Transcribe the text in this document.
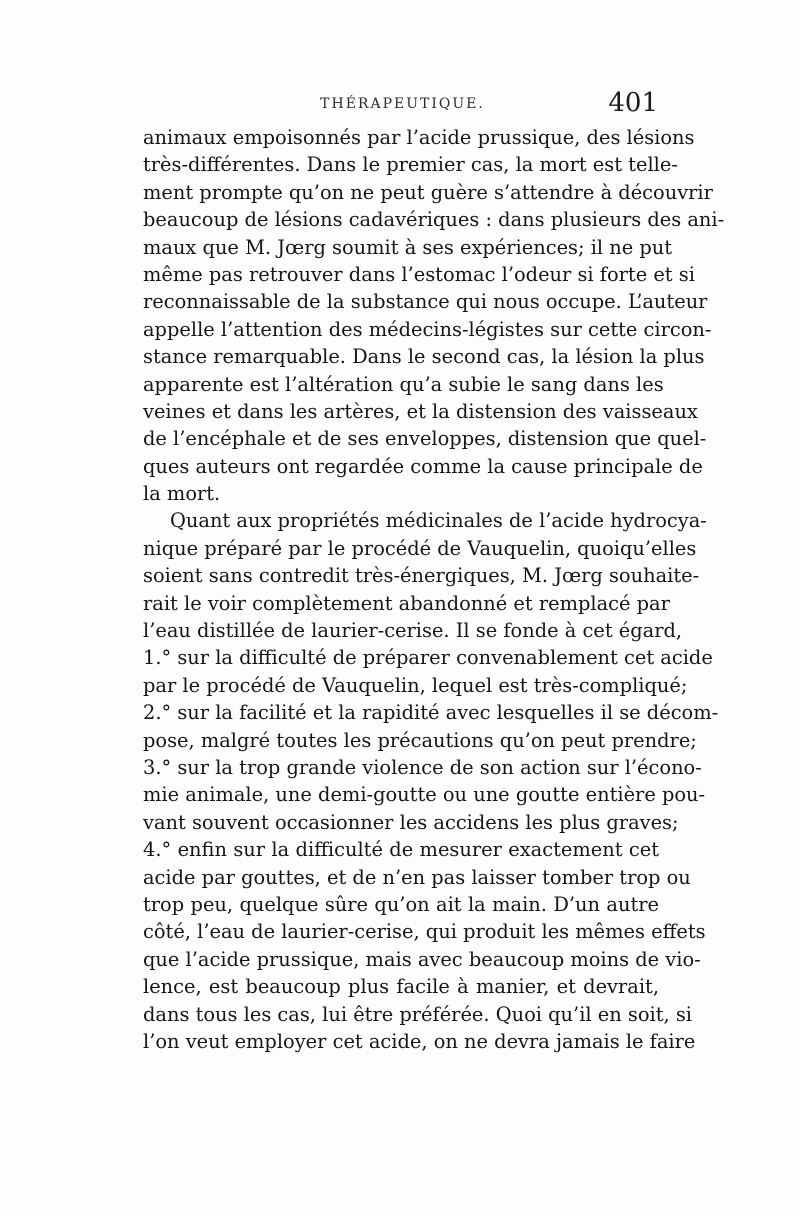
THÉRAPEUTIQUE.	401
animaux empoisonnés par l’acide prussique, des lésions
très-différentes. Dans le premier cas, la mort est telle-
ment prompte qu’on ne peut guère s’attendre à découvrir
beaucoup de lésions cadavériques : dans plusieurs des ani-
maux que M. Jœrg soumit à ses expériences; il ne put
même pas retrouver dans l’estomac l’odeur si forte et si
reconnaissable de la substance qui nous occupe. L’auteur
appelle l’attention des médecins-légistes sur cette circon-
stance remarquable. Dans le second cas, la lésion la plus
apparente est l’altération qu’a subie le sang dans les
veines et dans les artères, et la distension des vaisseaux
de l’encéphale et de ses enveloppes, distension que quel-
ques auteurs ont regardée comme la cause principale de
la mort.
Quant aux propriétés médicinales de l’acide hydrocya-
nique préparé par le procédé de Vauquelin, quoiqu’elles
soient sans contredit très-énergiques, M. Jœrg souhaite-
rait le voir complètement abandonné et remplacé par
l’eau distillée de laurier-cerise. Il se fonde à cet égard,
1.° sur la difficulté de préparer convenablement cet acide
par le procédé de Vauquelin, lequel est très-compliqué;
2.° sur la facilité et la rapidité avec lesquelles il se décom-
pose, malgré toutes les précautions qu’on peut prendre;
3.° sur la trop grande violence de son action sur l’écono-
mie animale, une demi-goutte ou une goutte entière pou-
vant souvent occasionner les accidens les plus graves;
4.° enfin sur la difficulté de mesurer exactement cet
acide par gouttes, et de n’en pas laisser tomber trop ou
trop peu, quelque sûre qu’on ait la main. D’un autre
côté, l’eau de laurier-cerise, qui produit les mêmes effets
que l’acide prussique, mais avec beaucoup moins de vio-
lence, est beaucoup plus facile à manier, et devrait,
dans tous les cas, lui être préférée. Quoi qu’il en soit, si
l’on veut employer cet acide, on ne devra jamais le faire
